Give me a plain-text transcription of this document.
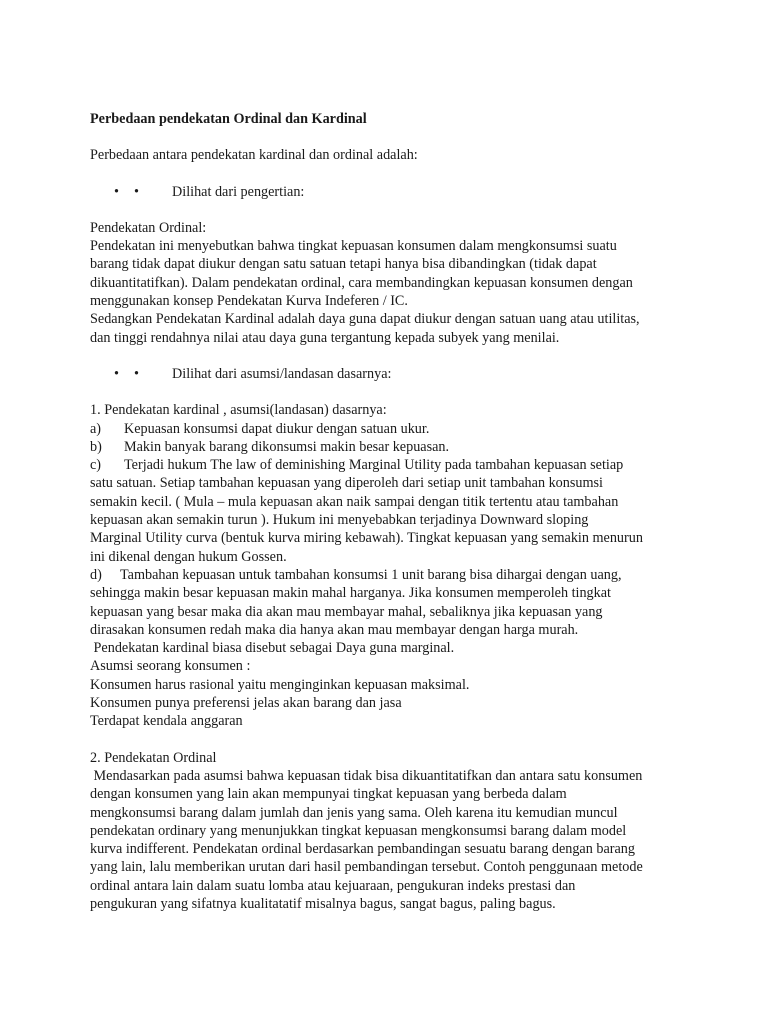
Perbedaan pendekatan Ordinal dan Kardinal

Perbedaan antara pendekatan kardinal dan ordinal adalah:

• • Dilihat dari pengertian:

Pendekatan Ordinal:

Pendekatan ini menyebutkan bahwa tingkat kepuasan konsumen dalam mengkonsumsi suatu

barang tidak dapat diukur dengan satu satuan tetapi hanya bisa dibandingkan (tidak dapat

dikuantitatifkan). Dalam pendekatan ordinal, cara membandingkan kepuasan konsumen dengan

menggunakan konsep Pendekatan Kurva Indeferen / IC.

Sedangkan Pendekatan Kardinal adalah daya guna dapat diukur dengan satuan uang atau utilitas,

dan tinggi rendahnya nilai atau daya guna tergantung kepada subyek yang menilai.

• • Dilihat dari asumsi/landasan dasarnya:

1. Pendekatan kardinal , asumsi(landasan) dasarnya:

a) Kepuasan konsumsi dapat diukur dengan satuan ukur.

b) Makin banyak barang dikonsumsi makin besar kepuasan.

c) Terjadi hukum The law of deminishing Marginal Utility pada tambahan kepuasan setiap

satu satuan. Setiap tambahan kepuasan yang diperoleh dari setiap unit tambahan konsumsi

semakin kecil. ( Mula – mula kepuasan akan naik sampai dengan titik tertentu atau tambahan

kepuasan akan semakin turun ). Hukum ini menyebabkan terjadinya Downward sloping

Marginal Utility curva (bentuk kurva miring kebawah). Tingkat kepuasan yang semakin menurun

ini dikenal dengan hukum Gossen.

d) Tambahan kepuasan untuk tambahan konsumsi 1 unit barang bisa dihargai dengan uang,

sehingga makin besar kepuasan makin mahal harganya. Jika konsumen memperoleh tingkat

kepuasan yang besar maka dia akan mau membayar mahal, sebaliknya jika kepuasan yang

dirasakan konsumen redah maka dia hanya akan mau membayar dengan harga murah.

Pendekatan kardinal biasa disebut sebagai Daya guna marginal.

Asumsi seorang konsumen :

Konsumen harus rasional yaitu menginginkan kepuasan maksimal.

Konsumen punya preferensi jelas akan barang dan jasa

Terdapat kendala anggaran

2. Pendekatan Ordinal

Mendasarkan pada asumsi bahwa kepuasan tidak bisa dikuantitatifkan dan antara satu konsumen

dengan konsumen yang lain akan mempunyai tingkat kepuasan yang berbeda dalam

mengkonsumsi barang dalam jumlah dan jenis yang sama. Oleh karena itu kemudian muncul

pendekatan ordinary yang menunjukkan tingkat kepuasan mengkonsumsi barang dalam model

kurva indifferent. Pendekatan ordinal berdasarkan pembandingan sesuatu barang dengan barang

yang lain, lalu memberikan urutan dari hasil pembandingan tersebut. Contoh penggunaan metode

ordinal antara lain dalam suatu lomba atau kejuaraan, pengukuran indeks prestasi dan

pengukuran yang sifatnya kualitatatif misalnya bagus, sangat bagus, paling bagus.
